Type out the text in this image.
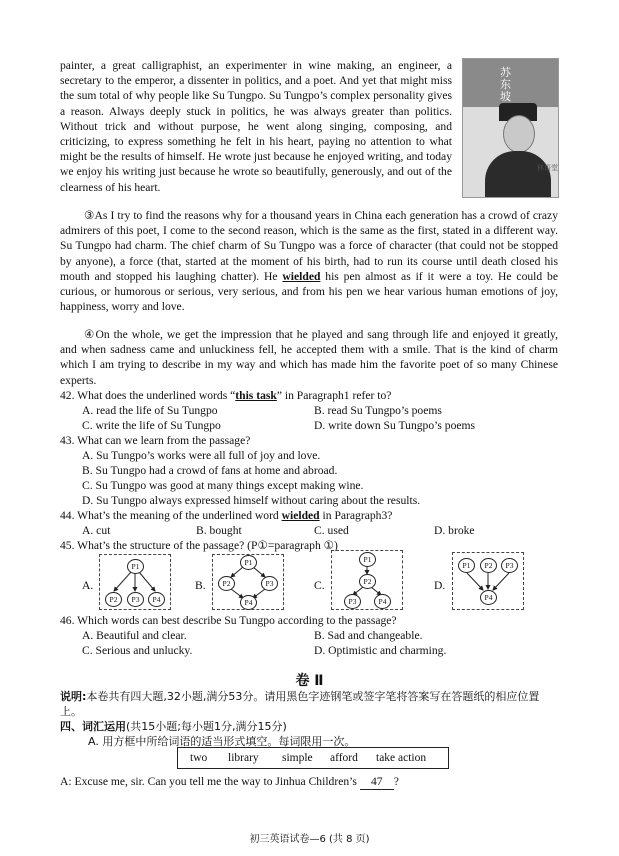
painter, a great calligraphist, an experimenter in wine making, an engineer, a secretary to the emperor, a dissenter in politics, and a poet. And yet that might miss the sum total of why people like Su Tungpo. Su Tungpo’s complex personality gives a reason. Always deeply stuck in politics, he was always greater than politics. Without trick and without purpose, he went along singing, composing, and criticizing, to express something he felt in his heart, paying no attention to what might be the results of himself. He wrote just because he enjoyed writing, and today we enjoy his writing just because he wrote so beautifully, generously, and out of the clearness of his heart.
苏东坡
林语堂
③As I try to find the reasons why for a thousand years in China each generation has a crowd of crazy admirers of this poet, I come to the second reason, which is the same as the first, stated in a different way. Su Tungpo had charm. The chief charm of Su Tungpo was a force of character (that could not be stopped by anyone), a force (that, started at the moment of his birth, had to run its course until death closed his mouth and stopped his laughing chatter). He wielded his pen almost as if it were a toy. He could be curious, or humorous or serious, very serious, and from his pen we hear various human emotions of joy, happiness, worry and love.
④On the whole, we get the impression that he played and sang through life and enjoyed it greatly, and when sadness came and unluckiness fell, he accepted them with a smile. That is the kind of charm which I am trying to describe in my way and which has made him the favorite poet of so many Chinese experts.
42. What does the underlined words “this task” in Paragraph1 refer to?
A. read the life of Su Tungpo	B. read Su Tungpo’s poems
C. write the life of Su Tungpo	D. write down Su Tungpo’s poems
43. What can we learn from the passage?
A. Su Tungpo’s works were all full of joy and love.
B. Su Tungpo had a crowd of fans at home and abroad.
C. Su Tungpo was good at many things except making wine.
D. Su Tungpo always expressed himself without caring about the results.
44. What’s the meaning of the underlined word wielded in Paragraph3?
A. cut	B. bought	C. used	D. broke
45. What’s the structure of the passage? (P①=paragraph ①)
A.
P1
P2	P3	P4
B.
P1
P2	P3
P4
C.
P1
P2
P3	P4
D.
P1	P2	P3
P4
46. Which words can best describe Su Tungpo according to the passage?
A. Beautiful and clear.	B. Sad and changeable.
C. Serious and unlucky.	D. Optimistic and charming.
卷 Ⅱ
说明:本卷共有四大题,32小题,满分53分。请用黑色字迹钢笔或签字笔将答案写在答题纸的相应位置上。
四、词汇运用(共15小题;每小题1分,满分15分)
A. 用方框中所给词语的适当形式填空。每词限用一次。
two library simple afford take action
A: Excuse me, sir. Can you tell me the way to Jinhua Children’s 47 ?
初三英语试卷—6 (共 8 页)
